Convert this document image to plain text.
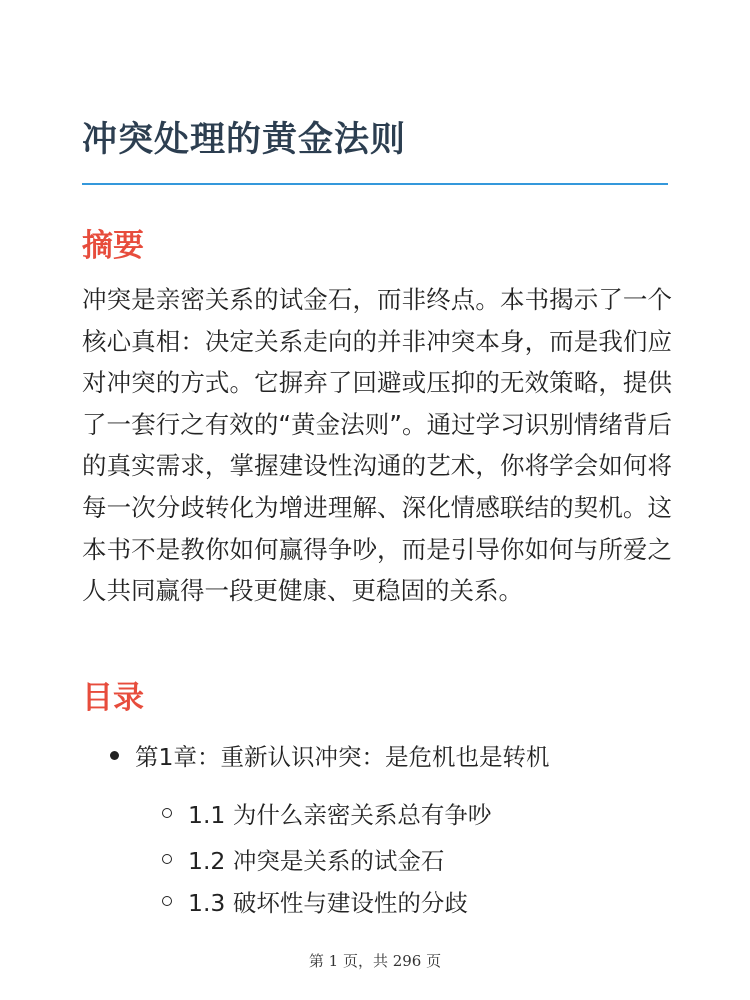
冲突处理的黄金法则
摘要

冲突是亲密关系的试金石，而非终点。本书揭示了一个核心真相：决定关系走向的并非冲突本身，而是我们应对冲突的方式。它摒弃了回避或压抑的无效策略，提供了一套行之有效的“黄金法则”。通过学习识别情绪背后的真实需求，掌握建设性沟通的艺术，你将学会如何将每一次分歧转化为增进理解、深化情感联结的契机。这本书不是教你如何赢得争吵，而是引导你如何与所爱之人共同赢得一段更健康、更稳固的关系。

目录
第1章：重新认识冲突：是危机也是转机
1.1 为什么亲密关系总有争吵
1.2 冲突是关系的试金石
1.3 破坏性与建设性的分歧
第 1 页，共 296 页
